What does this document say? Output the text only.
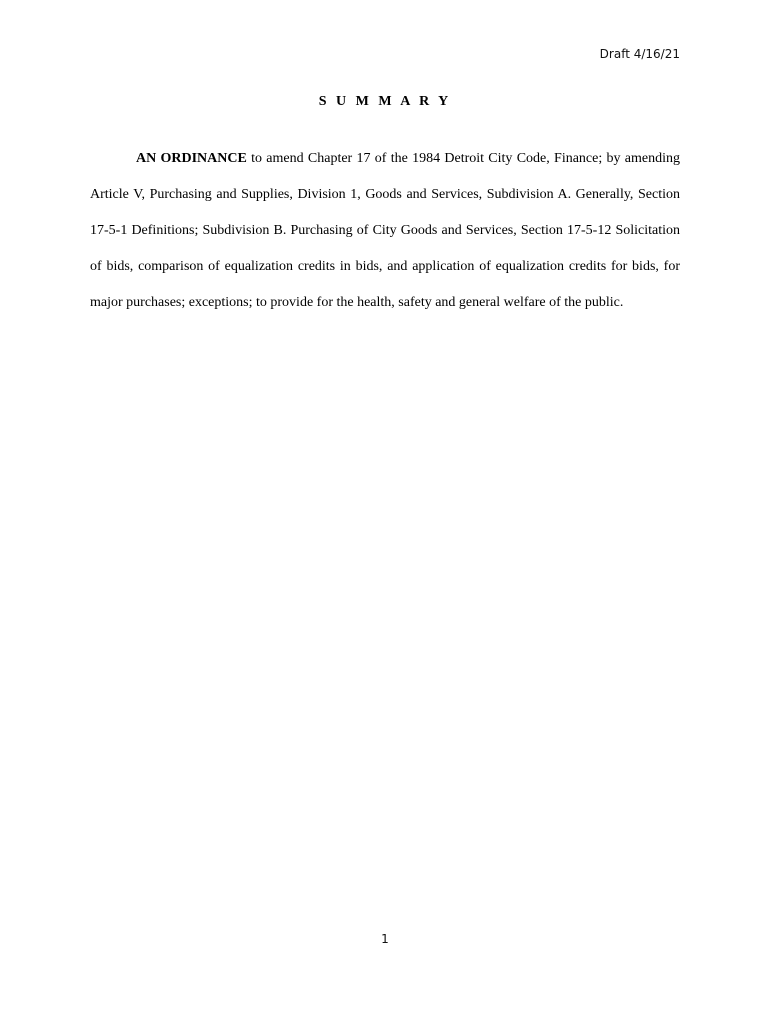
Draft 4/16/21
S U M M A R Y

AN ORDINANCE to amend Chapter 17 of the 1984 Detroit City Code, Finance; by amending Article V, Purchasing and Supplies, Division 1, Goods and Services, Subdivision A. Generally, Section 17-5-1 Definitions; Subdivision B. Purchasing of City Goods and Services, Section 17-5-12 Solicitation of bids, comparison of equalization credits in bids, and application of equalization credits for bids, for major purchases; exceptions; to provide for the health, safety and general welfare of the public.

1
